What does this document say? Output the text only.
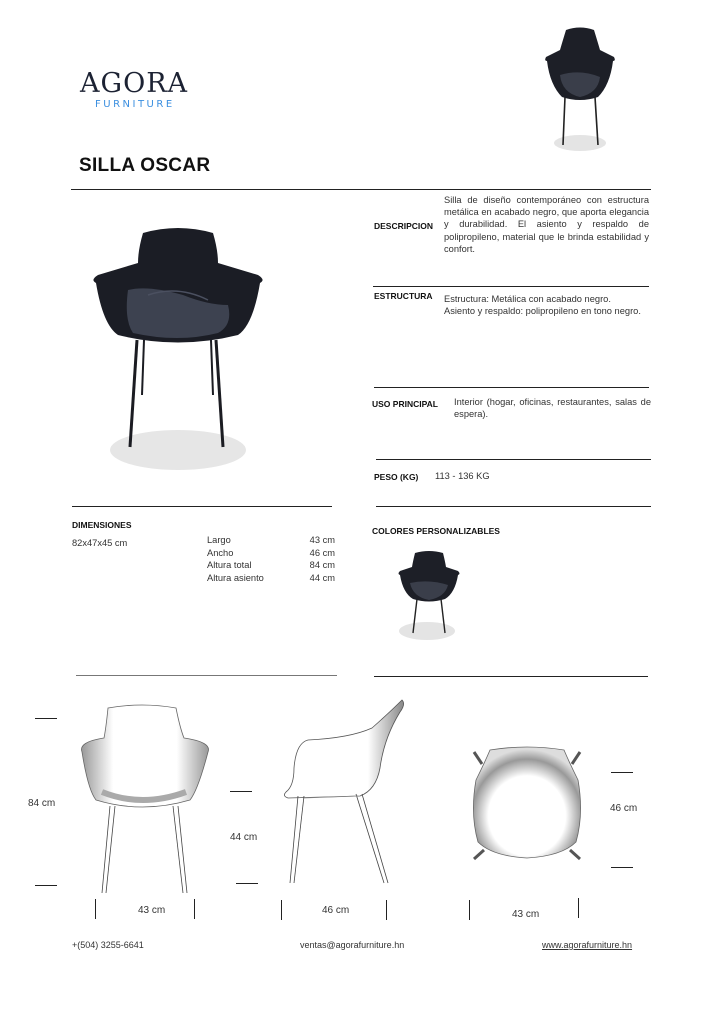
AGORA
FURNITURE
SILLA OSCAR
DESCRIPCION
Silla de diseño contemporáneo con estructura metálica en acabado negro, que aporta elegancia y durabilidad. El asiento y respaldo de polipropileno, material que le brinda estabilidad y confort.
ESTRUCTURA Estructura: Metálica con acabado negro.
Asiento y respaldo: polipropileno en tono negro.
USO PRINCIPAL Interior (hogar, oficinas, restaurantes, salas de espera).
PESO (KG) 113 - 136 KG
DIMENSIONES
82x47x45 cm	Largo	43 cm
Ancho	46 cm
Altura total	84 cm
Altura asiento	44 cm
COLORES PERSONALIZABLES
84 cm
43 cm
44 cm
46 cm
46 cm
43 cm
+(504) 3255-6641	ventas@agorafurniture.hn	www.agorafurniture.hn
